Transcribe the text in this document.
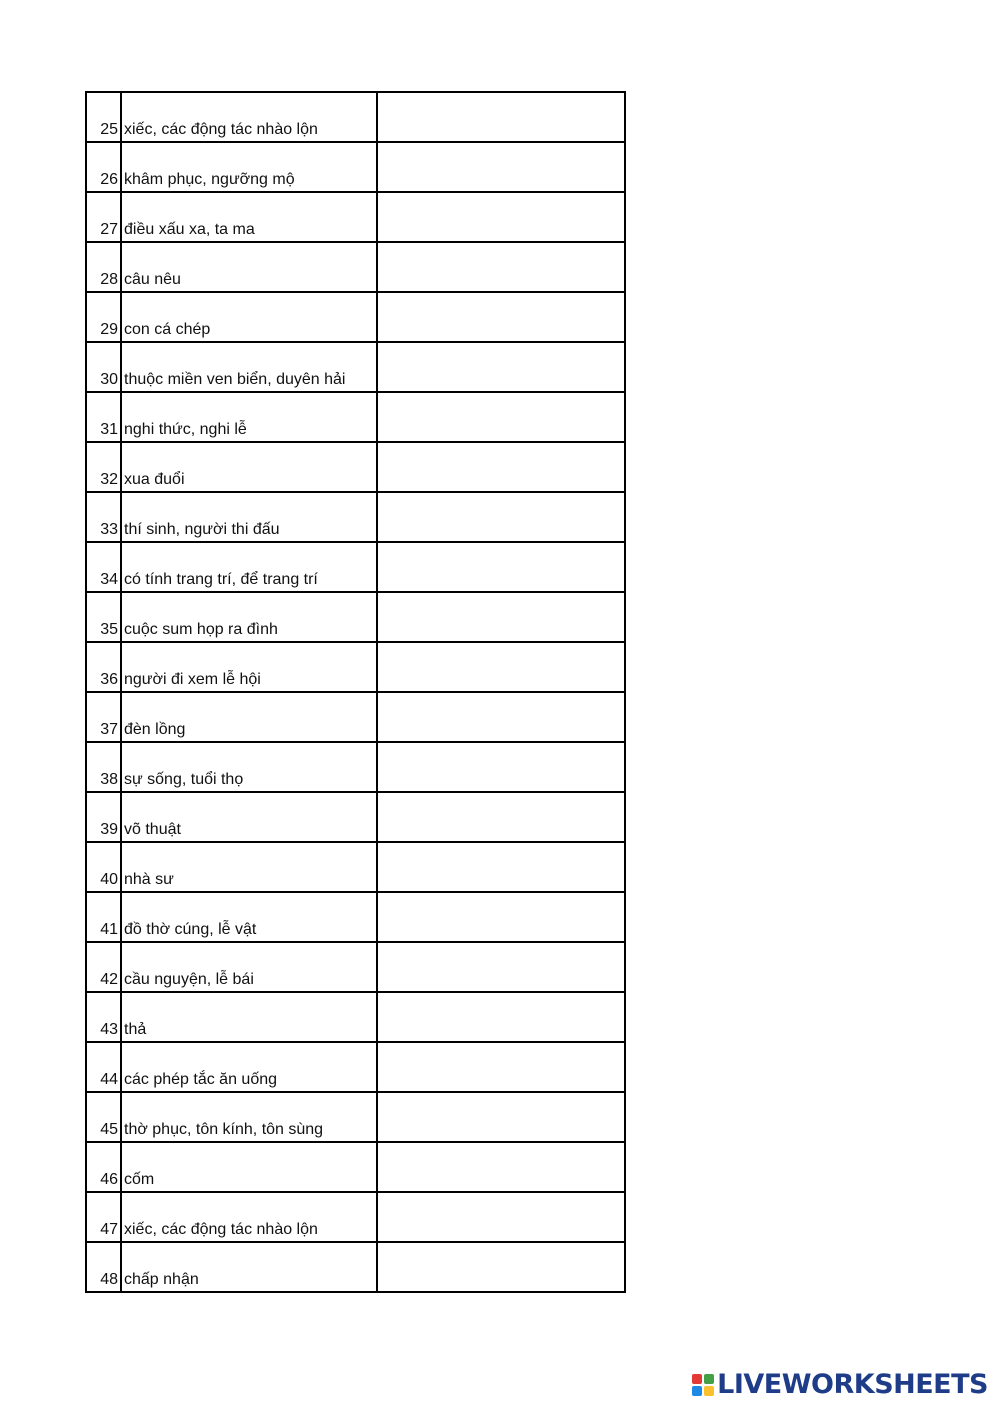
25	xiếc, các động tác nhào lộn	
26	khâm phục, ngưỡng mộ	
27	điều xấu xa, ta ma	
28	câu nêu	
29	con cá chép	
30	thuộc miền ven biển, duyên hải	
31	nghi thức, nghi lễ	
32	xua đuổi	
33	thí sinh, người thi đấu	
34	có tính trang trí, để trang trí	
35	cuộc sum họp ra đình	
36	người đi xem lễ hội	
37	đèn lồng	
38	sự sống, tuổi thọ	
39	võ thuật	
40	nhà sư	
41	đồ thờ cúng, lễ vật	
42	cầu nguyện, lễ bái	
43	thả	
44	các phép tắc ăn uống	
45	thờ phục, tôn kính, tôn sùng	
46	cốm	
47	xiếc, các động tác nhào lộn	
48	chấp nhận	
LIVEWORKSHEETS
